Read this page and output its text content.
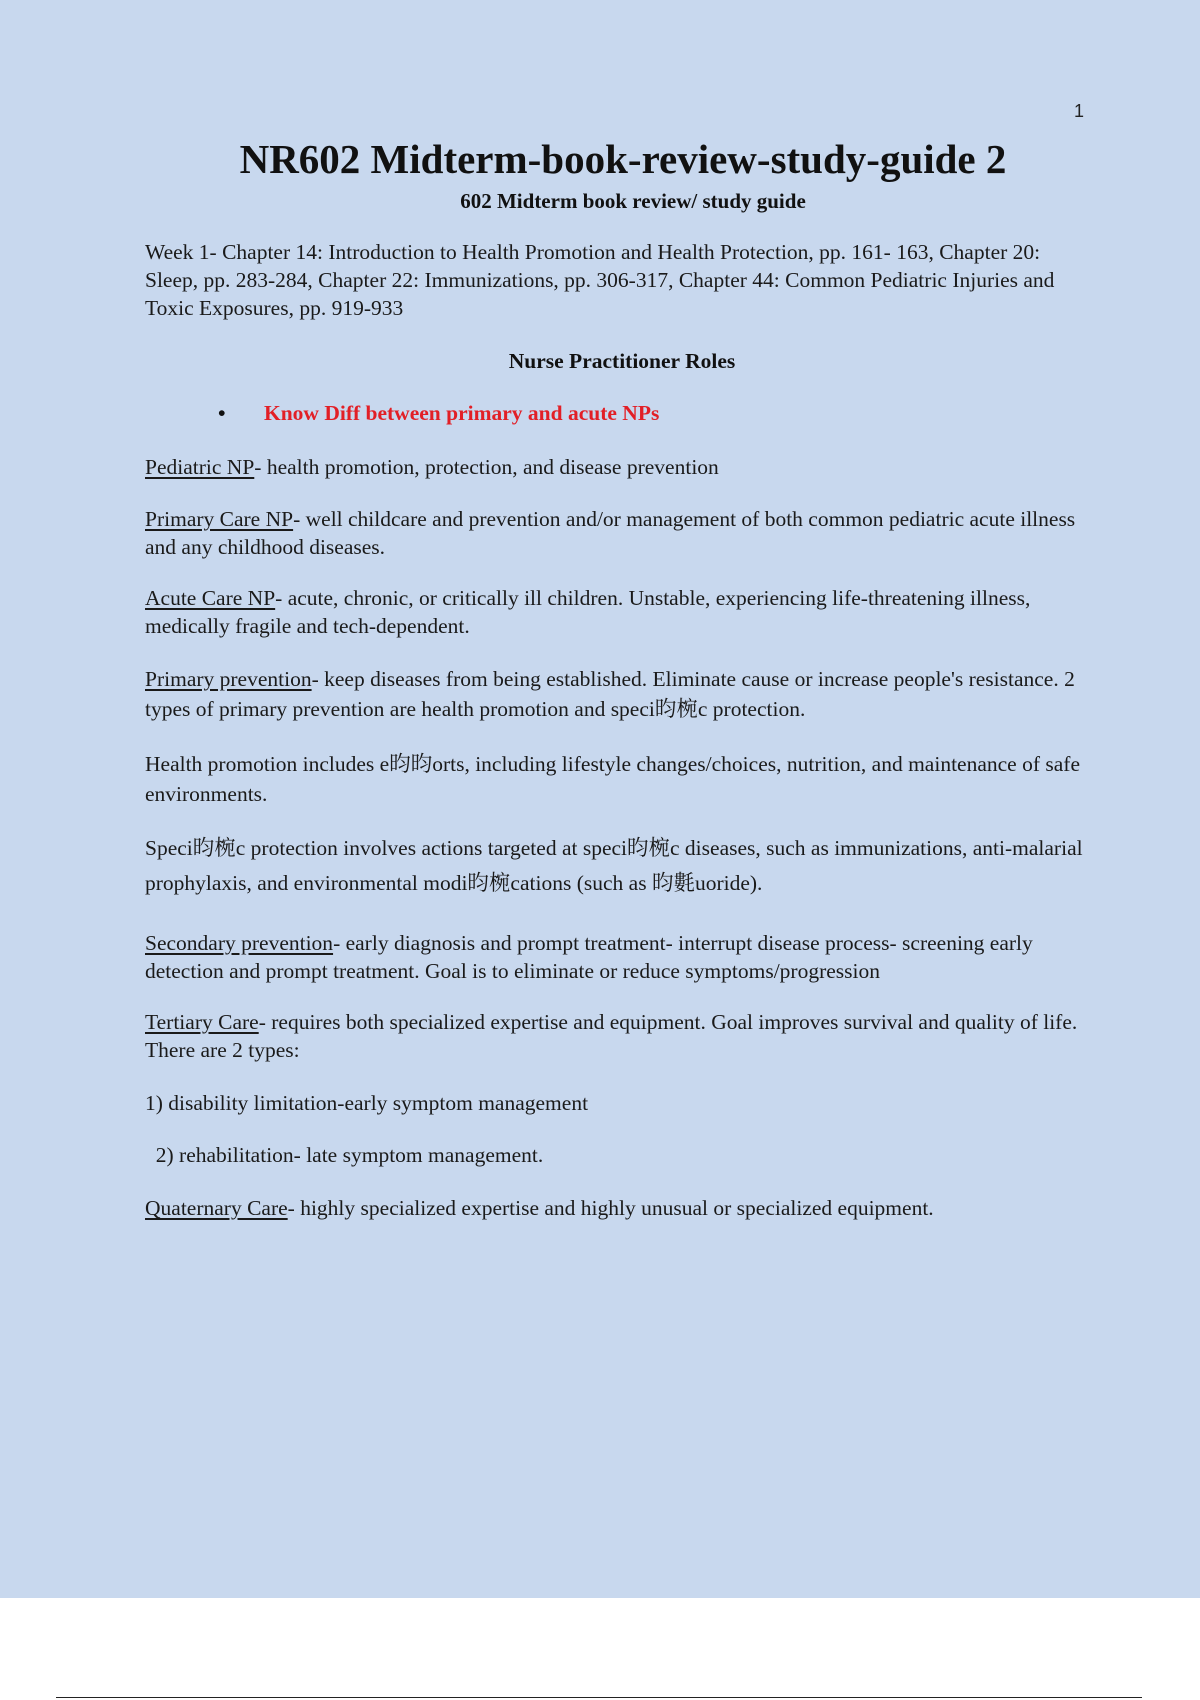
1
NR602 Midterm-book-review-study-guide 2
602 Midterm book review/ study guide

Week 1- Chapter 14: Introduction to Health Promotion and Health Protection, pp. 161- 163, Chapter 20: Sleep, pp. 283-284, Chapter 22: Immunizations, pp. 306-317, Chapter 44: Common Pediatric Injuries and Toxic Exposures, pp. 919-933

Nurse Practitioner Roles
• Know Diff between primary and acute NPs

Pediatric NP- health promotion, protection, and disease prevention

Primary Care NP- well childcare and prevention and/or management of both common pediatric acute illness and any childhood diseases.

Acute Care NP- acute, chronic, or critically ill children. Unstable, experiencing life-threatening illness, medically fragile and tech-dependent.

Primary prevention- keep diseases from being established. Eliminate cause or increase people's resistance. 2 types of primary prevention are health promotion and speci昀椀c protection.

Health promotion includes e昀昀orts, including lifestyle changes/choices, nutrition, and maintenance of safe environments.

Speci昀椀c protection involves actions targeted at speci昀椀c diseases, such as immunizations, anti-malarial prophylaxis, and environmental modi昀椀cations (such as 昀氀uoride).

Secondary prevention- early diagnosis and prompt treatment- interrupt disease process- screening early detection and prompt treatment. Goal is to eliminate or reduce symptoms/progression

Tertiary Care- requires both specialized expertise and equipment. Goal improves survival and quality of life. There are 2 types:

1) disability limitation-early symptom management

2) rehabilitation- late symptom management.

Quaternary Care- highly specialized expertise and highly unusual or specialized equipment.
